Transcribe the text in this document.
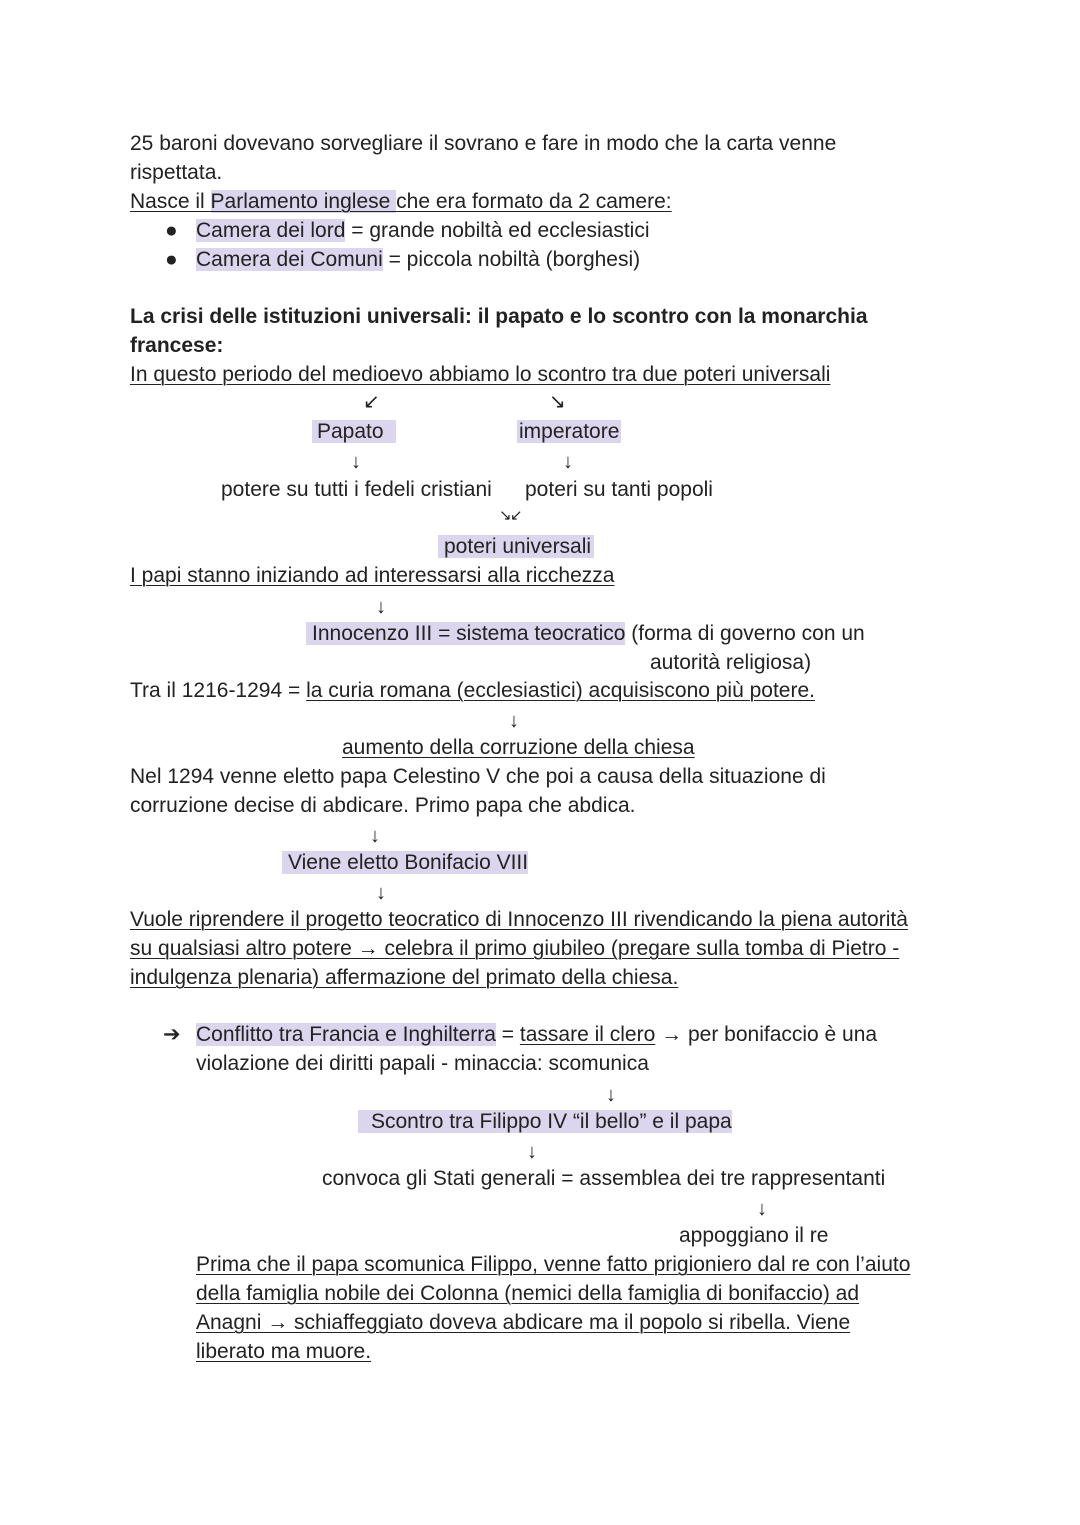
25 baroni dovevano sorvegliare il sovrano e fare in modo che la carta venne
rispettata.
Nasce il Parlamento inglese che era formato da 2 camere:
● Camera dei lord = grande nobiltà ed ecclesiastici
● Camera dei Comuni = piccola nobiltà (borghesi)
La crisi delle istituzioni universali: il papato e lo scontro con la monarchia
francese:
In questo periodo del medioevo abbiamo lo scontro tra due poteri universali
↙	↘
Papato	imperatore
↓	↓
potere su tutti i fedeli cristiani poteri su tanti popoli
↘
↙
poteri universali
I papi stanno iniziando ad interessarsi alla ricchezza
↓
Innocenzo III = sistema teocratico (forma di governo con un
autorità religiosa)
Tra il 1216-1294 = la curia romana (ecclesiastici) acquisiscono più potere.
↓
aumento della corruzione della chiesa
Nel 1294 venne eletto papa Celestino V che poi a causa della situazione di
corruzione decise di abdicare. Primo papa che abdica.
↓
Viene eletto Bonifacio VIII
↓
Vuole riprendere il progetto teocratico di Innocenzo III rivendicando la piena autorità
su qualsiasi altro potere → celebra il primo giubileo (pregare sulla tomba di Pietro -
indulgenza plenaria) affermazione del primato della chiesa.
➔ Conflitto tra Francia e Inghilterra = tassare il clero → per bonifaccio è una
violazione dei diritti papali - minaccia: scomunica
↓
Scontro tra Filippo IV “il bello” e il papa
↓
convoca gli Stati generali = assemblea dei tre rappresentanti
↓
appoggiano il re
Prima che il papa scomunica Filippo, venne fatto prigioniero dal re con l’aiuto
della famiglia nobile dei Colonna (nemici della famiglia di bonifaccio) ad
Anagni → schiaffeggiato doveva abdicare ma il popolo si ribella. Viene
liberato ma muore.
